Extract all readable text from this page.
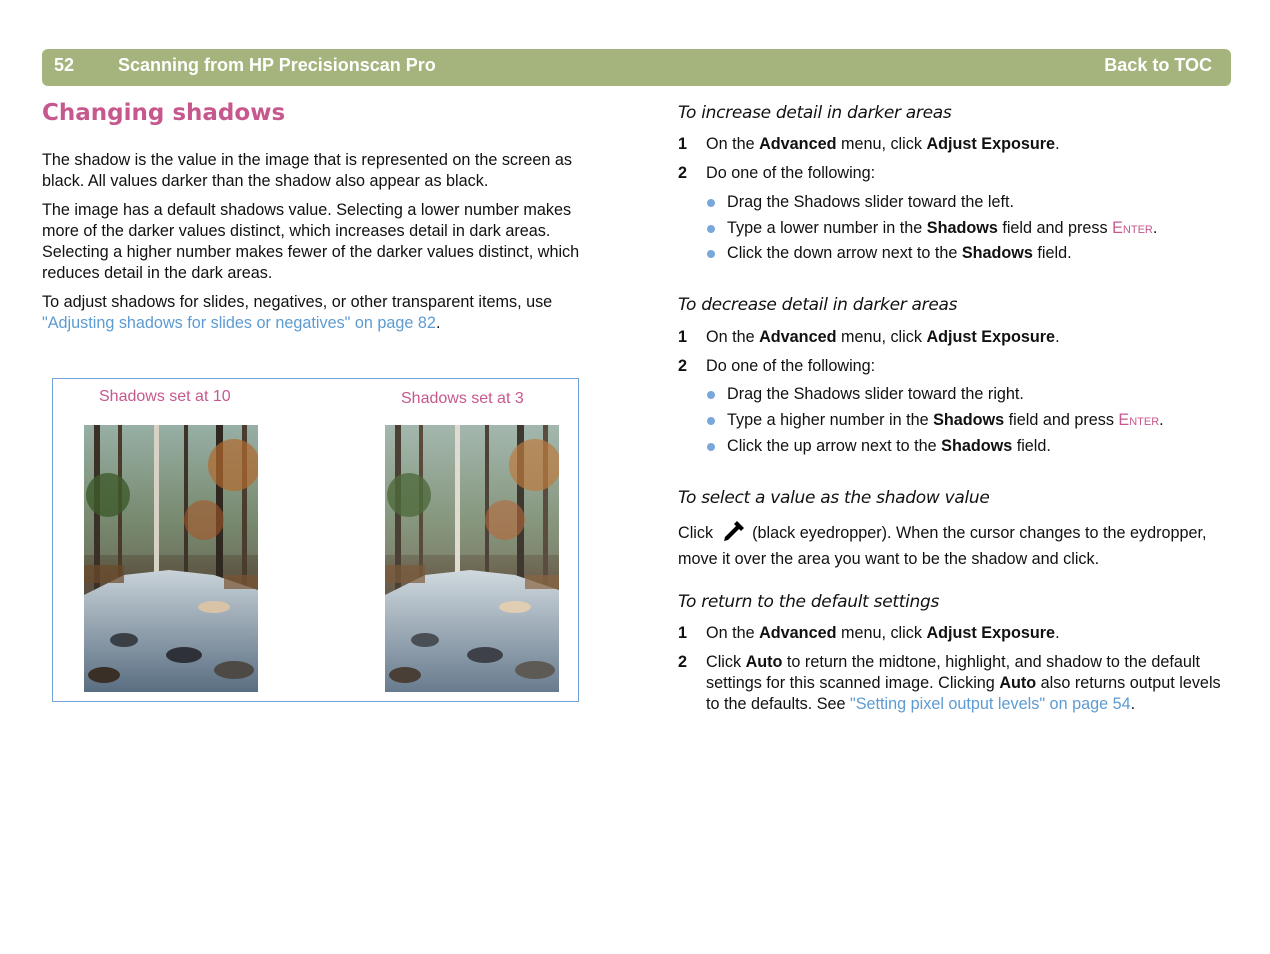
52 Scanning from HP Precisionscan Pro	Back to TOC
Changing shadows

The shadow is the value in the image that is represented on the screen as black. All values darker than the shadow also appear as black.

The image has a default shadows value. Selecting a lower number makes more of the darker values distinct, which increases detail in dark areas. Selecting a higher number makes fewer of the darker values distinct, which reduces detail in the dark areas.

To adjust shadows for slides, negatives, or other transparent items, use "Adjusting shadows for slides or negatives" on page 82.

Shadows set at 10	Shadows set at 3
To increase detail in darker areas
1 On the Advanced menu, click Adjust Exposure.
2 Do one of the following:
Drag the Shadows slider toward the left.
Type a lower number in the Shadows field and press Enter.
Click the down arrow next to the Shadows field.
To decrease detail in darker areas
1 On the Advanced menu, click Adjust Exposure.
2 Do one of the following:
Drag the Shadows slider toward the right.
Type a higher number in the Shadows field and press Enter.
Click the up arrow next to the Shadows field.
To select a value as the shadow value
Click  (black eyedropper). When the cursor changes to the eydropper, move it over the area you want to be the shadow and click.
To return to the default settings
1 On the Advanced menu, click Adjust Exposure.
2 Click Auto to return the midtone, highlight, and shadow to the default settings for this scanned image. Clicking Auto also returns output levels to the defaults. See "Setting pixel output levels" on page 54.
